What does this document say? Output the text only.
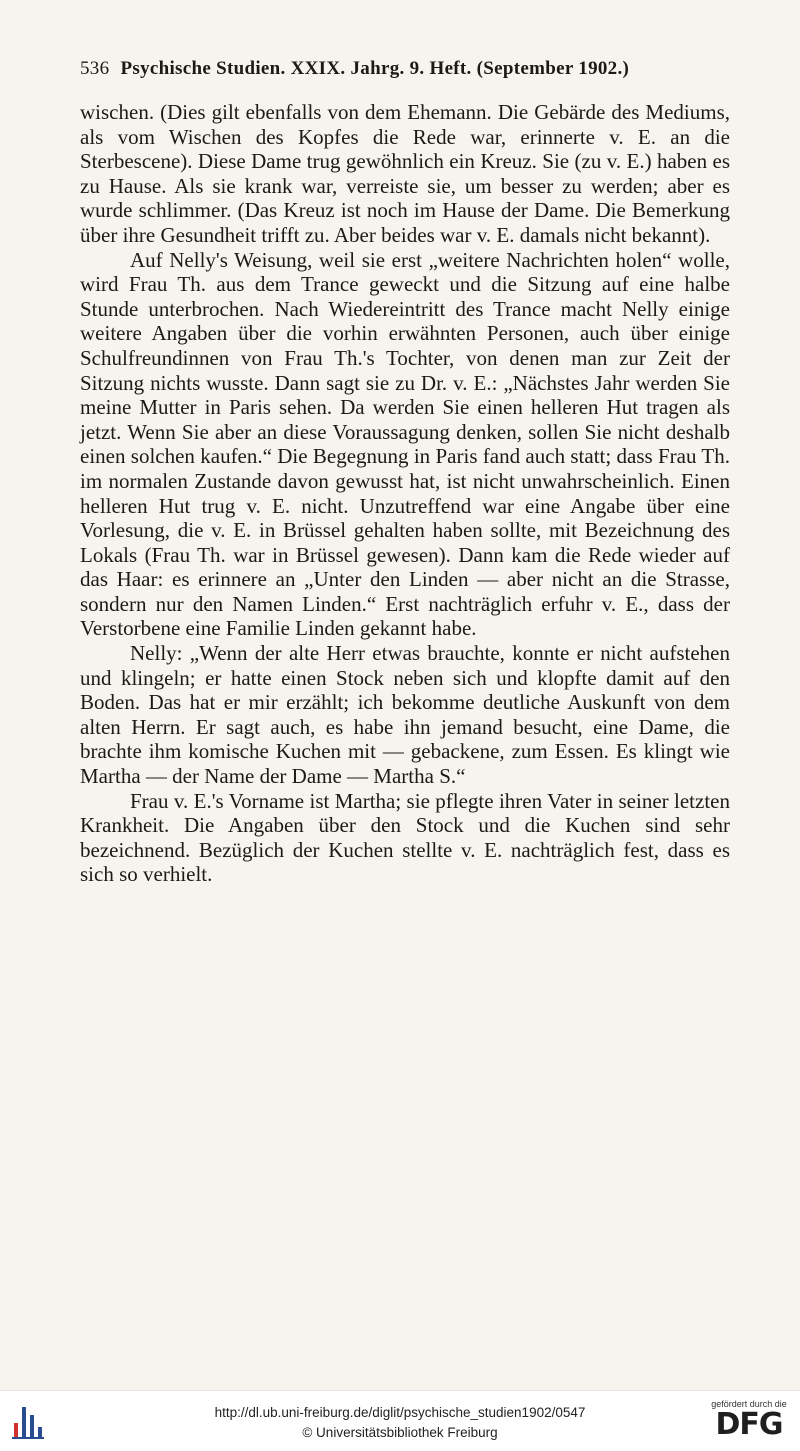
536 Psychische Studien. XXIX. Jahrg. 9. Heft. (September 1902.)

wischen. (Dies gilt ebenfalls von dem Ehemann. Die Gebärde des Mediums, als vom Wischen des Kopfes die Rede war, erinnerte v. E. an die Sterbescene). Diese Dame trug gewöhnlich ein Kreuz. Sie (zu v. E.) haben es zu Hause. Als sie krank war, verreiste sie, um besser zu werden; aber es wurde schlimmer. (Das Kreuz ist noch im Hause der Dame. Die Bemerkung über ihre Gesundheit trifft zu. Aber beides war v. E. damals nicht bekannt).

Auf Nelly's Weisung, weil sie erst „weitere Nachrichten holen“ wolle, wird Frau Th. aus dem Trance geweckt und die Sitzung auf eine halbe Stunde unterbrochen. Nach Wiedereintritt des Trance macht Nelly einige weitere Angaben über die vorhin erwähnten Personen, auch über einige Schulfreundinnen von Frau Th.'s Tochter, von denen man zur Zeit der Sitzung nichts wusste. Dann sagt sie zu Dr. v. E.: „Nächstes Jahr werden Sie meine Mutter in Paris sehen. Da werden Sie einen helleren Hut tragen als jetzt. Wenn Sie aber an diese Voraussagung denken, sollen Sie nicht deshalb einen solchen kaufen.“ Die Begegnung in Paris fand auch statt; dass Frau Th. im normalen Zustande davon gewusst hat, ist nicht unwahrscheinlich. Einen helleren Hut trug v. E. nicht. Unzutreffend war eine Angabe über eine Vorlesung, die v. E. in Brüssel gehalten haben sollte, mit Bezeichnung des Lokals (Frau Th. war in Brüssel gewesen). Dann kam die Rede wieder auf das Haar: es erinnere an „Unter den Linden — aber nicht an die Strasse, sondern nur den Namen Linden.“ Erst nachträglich erfuhr v. E., dass der Verstorbene eine Familie Linden gekannt habe.

Nelly: „Wenn der alte Herr etwas brauchte, konnte er nicht aufstehen und klingeln; er hatte einen Stock neben sich und klopfte damit auf den Boden. Das hat er mir erzählt; ich bekomme deutliche Auskunft von dem alten Herrn. Er sagt auch, es habe ihn jemand besucht, eine Dame, die brachte ihm komische Kuchen mit — gebackene, zum Essen. Es klingt wie Martha — der Name der Dame — Martha S.“

Frau v. E.'s Vorname ist Martha; sie pflegte ihren Vater in seiner letzten Krankheit. Die Angaben über den Stock und die Kuchen sind sehr bezeichnend. Bezüglich der Kuchen stellte v. E. nachträglich fest, dass es sich so verhielt.

http://dl.ub.uni-freiburg.de/diglit/psychische_studien1902/0547
© Universitätsbibliothek Freiburg
gefördert durch die
DFG
